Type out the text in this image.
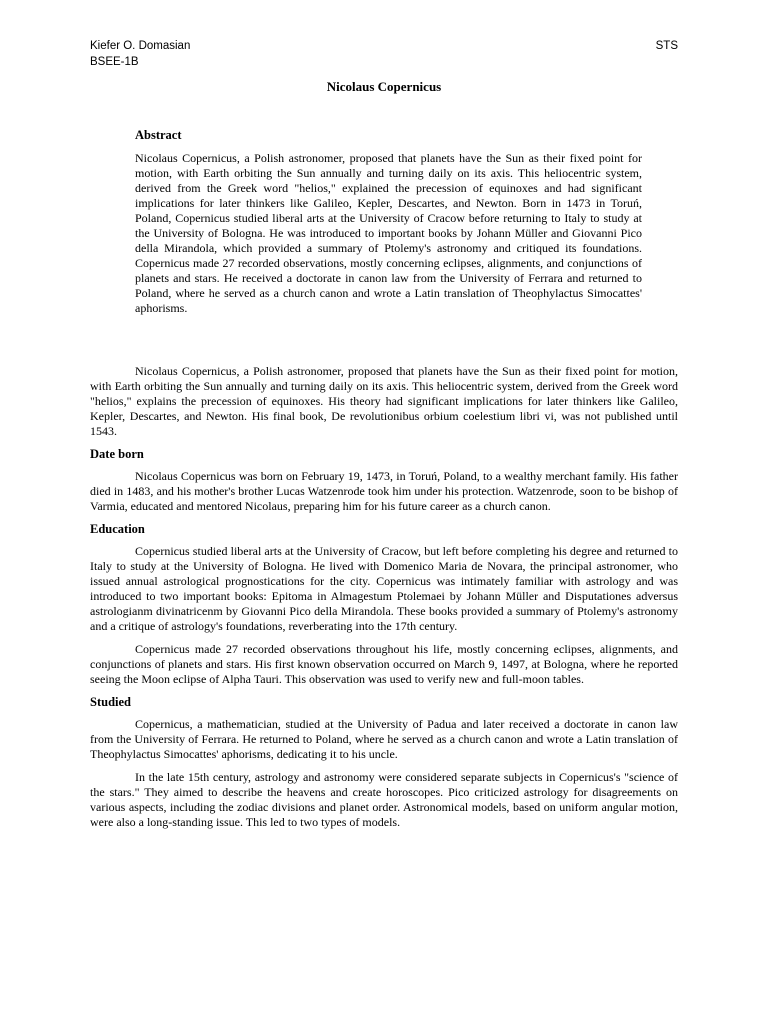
Kiefer O. Domasian
BSEE-1B
STS
Nicolaus Copernicus
Abstract

Nicolaus Copernicus, a Polish astronomer, proposed that planets have the Sun as their fixed point for motion, with Earth orbiting the Sun annually and turning daily on its axis. This heliocentric system, derived from the Greek word "helios," explained the precession of equinoxes and had significant implications for later thinkers like Galileo, Kepler, Descartes, and Newton. Born in 1473 in Toruń, Poland, Copernicus studied liberal arts at the University of Cracow before returning to Italy to study at the University of Bologna. He was introduced to important books by Johann Müller and Giovanni Pico della Mirandola, which provided a summary of Ptolemy's astronomy and critiqued its foundations. Copernicus made 27 recorded observations, mostly concerning eclipses, alignments, and conjunctions of planets and stars. He received a doctorate in canon law from the University of Ferrara and returned to Poland, where he served as a church canon and wrote a Latin translation of Theophylactus Simocattes' aphorisms.

Nicolaus Copernicus, a Polish astronomer, proposed that planets have the Sun as their fixed point for motion, with Earth orbiting the Sun annually and turning daily on its axis. This heliocentric system, derived from the Greek word "helios," explains the precession of equinoxes. His theory had significant implications for later thinkers like Galileo, Kepler, Descartes, and Newton. His final book, De revolutionibus orbium coelestium libri vi, was not published until 1543.

Date born

Nicolaus Copernicus was born on February 19, 1473, in Toruń, Poland, to a wealthy merchant family. His father died in 1483, and his mother's brother Lucas Watzenrode took him under his protection. Watzenrode, soon to be bishop of Varmia, educated and mentored Nicolaus, preparing him for his future career as a church canon.

Education

Copernicus studied liberal arts at the University of Cracow, but left before completing his degree and returned to Italy to study at the University of Bologna. He lived with Domenico Maria de Novara, the principal astronomer, who issued annual astrological prognostications for the city. Copernicus was intimately familiar with astrology and was introduced to two important books: Epitoma in Almagestum Ptolemaei by Johann Müller and Disputationes adversus astrologianm divinatricenm by Giovanni Pico della Mirandola. These books provided a summary of Ptolemy's astronomy and a critique of astrology's foundations, reverberating into the 17th century.

Copernicus made 27 recorded observations throughout his life, mostly concerning eclipses, alignments, and conjunctions of planets and stars. His first known observation occurred on March 9, 1497, at Bologna, where he reported seeing the Moon eclipse of Alpha Tauri. This observation was used to verify new and full-moon tables.

Studied

Copernicus, a mathematician, studied at the University of Padua and later received a doctorate in canon law from the University of Ferrara. He returned to Poland, where he served as a church canon and wrote a Latin translation of Theophylactus Simocattes' aphorisms, dedicating it to his uncle.

In the late 15th century, astrology and astronomy were considered separate subjects in Copernicus's "science of the stars." They aimed to describe the heavens and create horoscopes. Pico criticized astrology for disagreements on various aspects, including the zodiac divisions and planet order. Astronomical models, based on uniform angular motion, were also a long-standing issue. This led to two types of models.
